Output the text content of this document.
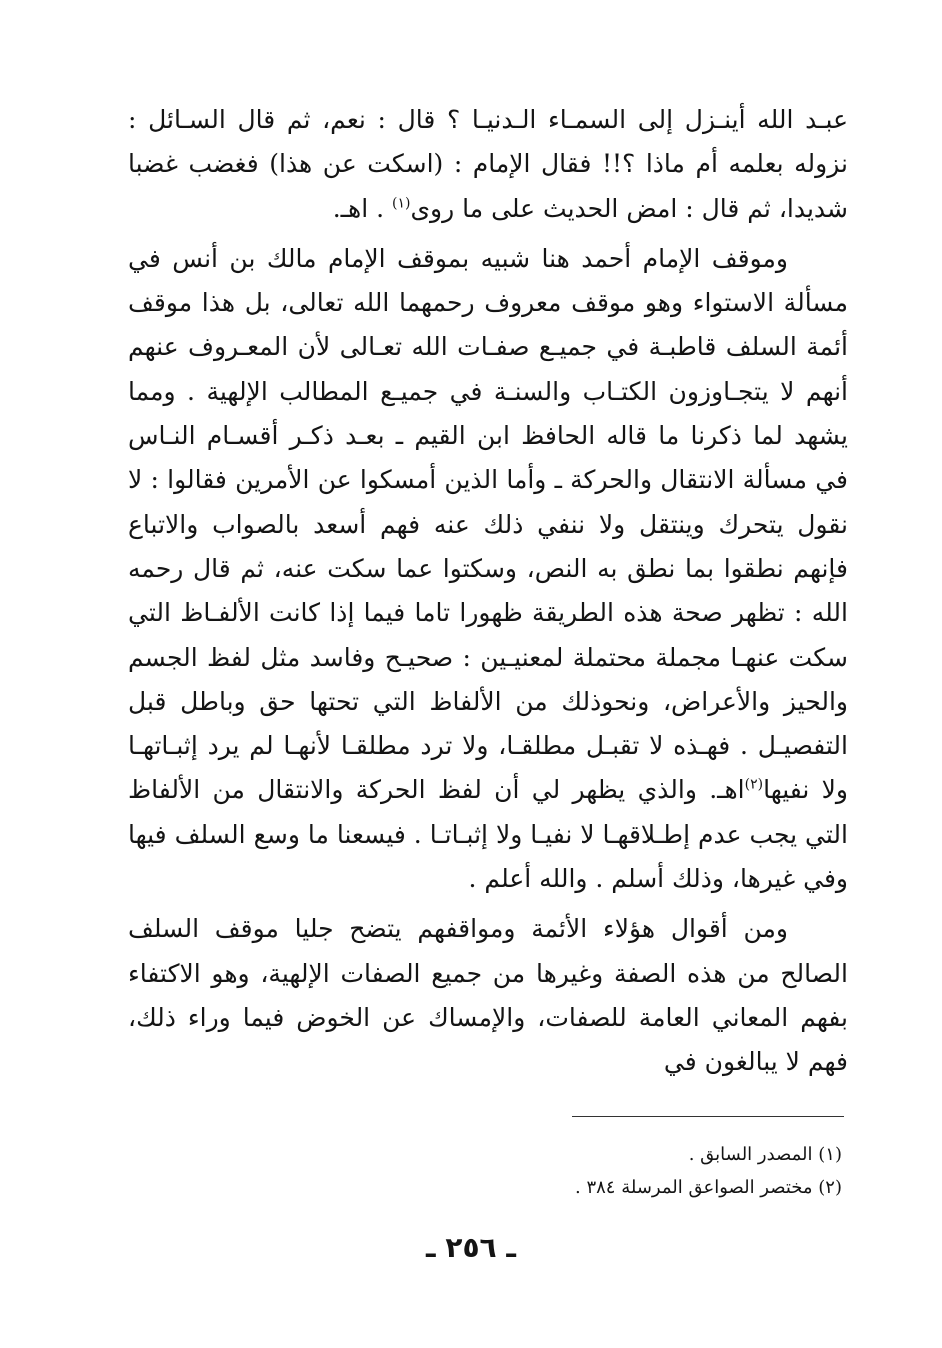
عبـد الله أينـزل إلى السمـاء الـدنيـا ؟ قال : نعم، ثم قال السـائل : نزوله بعلمه أم ماذا ؟!! فقال الإمام : (اسكت عن هذا) فغضب غضبا شديدا، ثم قال : امض الحديث على ما روى$^{(١)}$ . اهـ.

وموقف الإمام أحمد هنا شبيه بموقف الإمام مالك بن أنس في مسألة الاستواء وهو موقف معروف رحمهما الله تعالى، بل هذا موقف أئمة السلف قاطبـة في جميـع صفـات الله تعـالى لأن المعـروف عنهم أنهم لا يتجـاوزون الكتـاب والسنـة في جميـع المطالب الإلهية . ومما يشهد لما ذكرنا ما قاله الحافظ ابن القيم ـ بعـد ذكـر أقسـام النـاس في مسألة الانتقال والحركة ـ وأما الذين أمسكوا عن الأمرين فقالوا : لا نقول يتحرك وينتقل ولا ننفي ذلك عنه فهم أسعد بالصواب والاتباع فإنهم نطقوا بما نطق به النص، وسكتوا عما سكت عنه، ثم قال رحمه الله : تظهر صحة هذه الطريقة ظهورا تاما فيما إذا كانت الألفـاظ التي سكت عنهـا مجملة محتملة لمعنيـين : صحيـح وفاسد مثل لفظ الجسم والحيز والأعراض، ونحوذلك من الألفاظ التي تحتها حق وباطل قبل التفصيـل . فهـذه لا تقبـل مطلقـا، ولا ترد مطلقـا لأنهـا لم يرد إثبـاتهـا ولا نفيها$^{(٢)}$اهـ. والذي يظهر لي أن لفظ الحركة والانتقال من الألفاظ التي يجب عدم إطـلاقهـا لا نفيـا ولا إثبـاتـا . فيسعنا ما وسع السلف فيها وفي غيرها، وذلك أسلم . والله أعلم .

ومن أقوال هؤلاء الأئمة ومواقفهم يتضح جليا موقف السلف الصالح من هذه الصفة وغيرها من جميع الصفات الإلهية، وهو الاكتفاء بفهم المعاني العامة للصفات، والإمساك عن الخوض فيما وراء ذلك، فهم لا يبالغون في

(١) المصدر السابق .

(٢) مختصر الصواعق المرسلة ٣٨٤ .

ـ ٢٥٦ ـ
